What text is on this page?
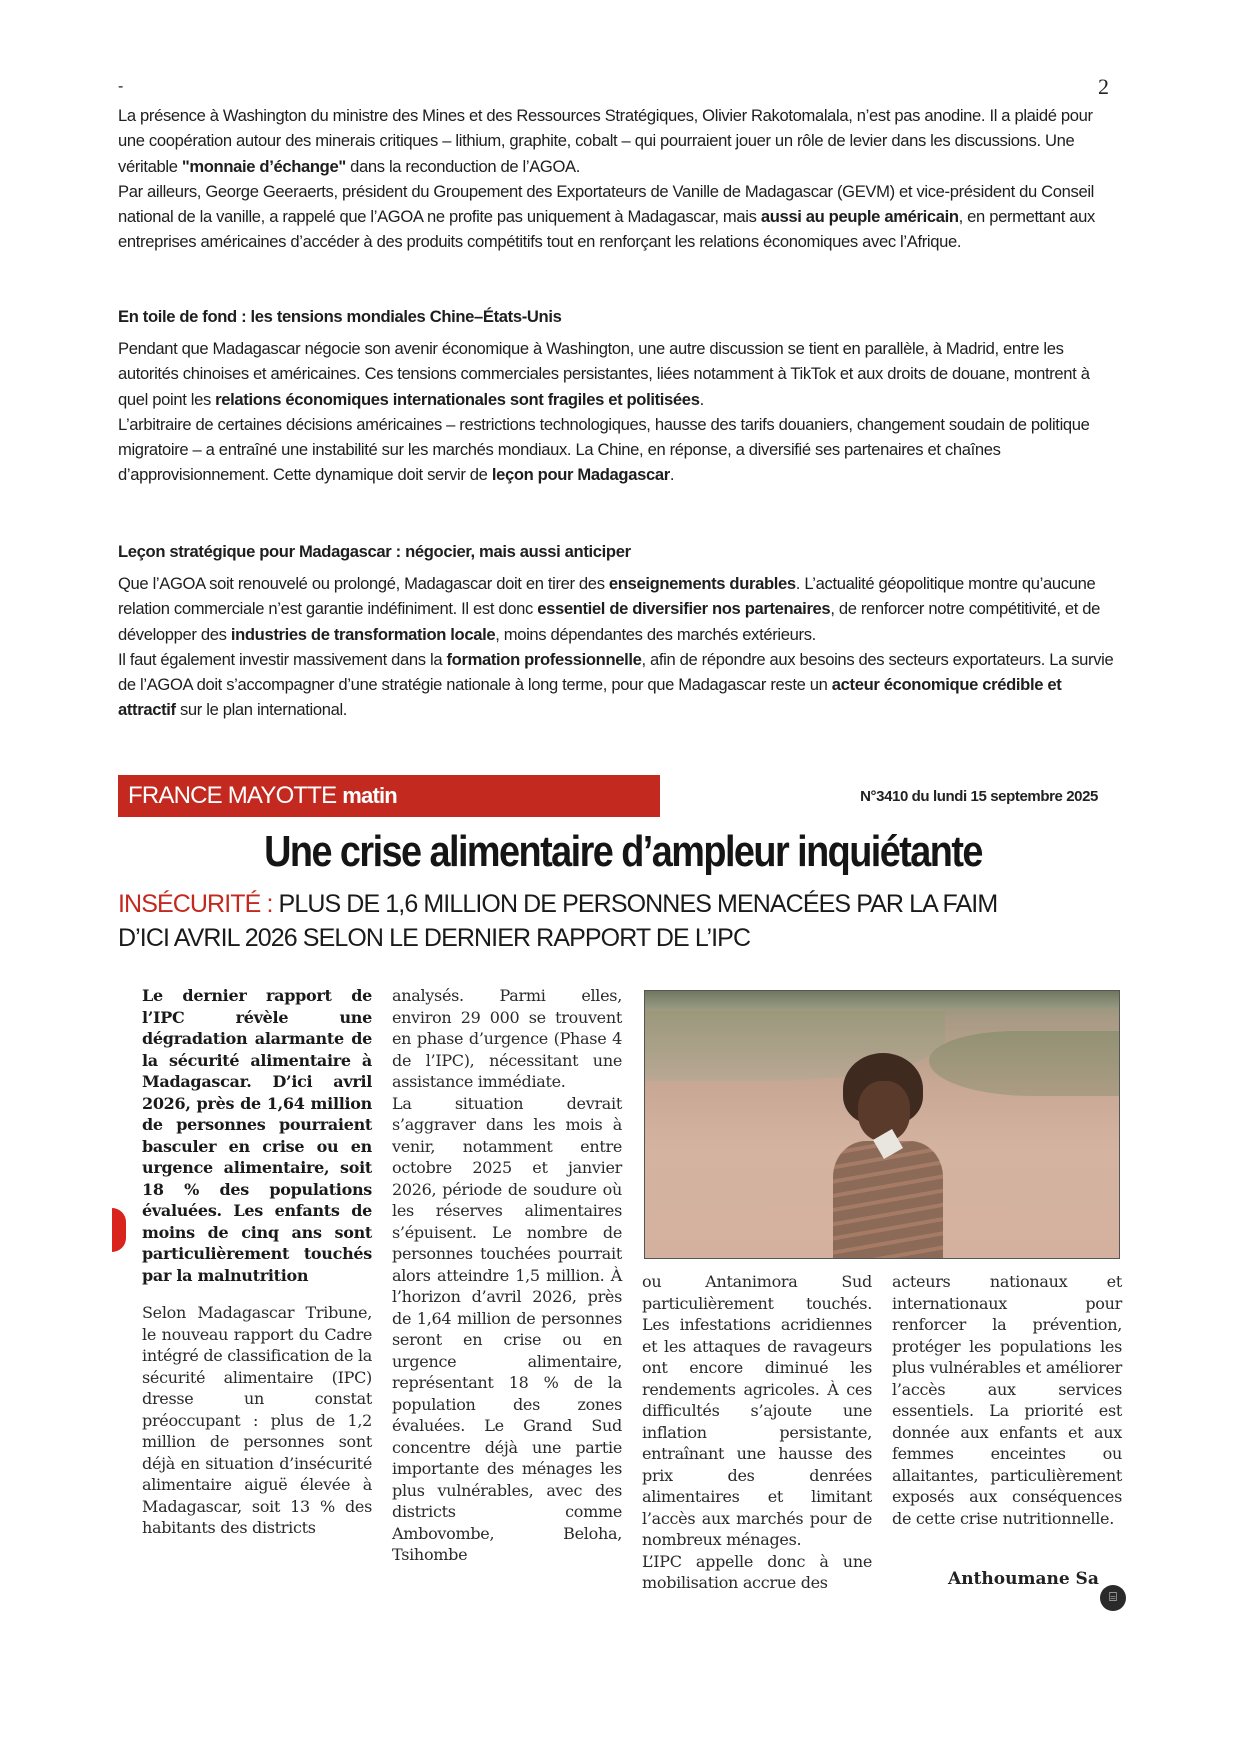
-	2

La présence à Washington du ministre des Mines et des Ressources Stratégiques, Olivier Rakotomalala, n’est pas anodine. Il a plaidé pour une coopération autour des minerais critiques – lithium, graphite, cobalt – qui pourraient jouer un rôle de levier dans les discussions. Une véritable "monnaie d’échange" dans la reconduction de l’AGOA.

Par ailleurs, George Geeraerts, président du Groupement des Exportateurs de Vanille de Madagascar (GEVM) et vice-président du Conseil national de la vanille, a rappelé que l’AGOA ne profite pas uniquement à Madagascar, mais aussi au peuple américain, en permettant aux entreprises américaines d’accéder à des produits compétitifs tout en renforçant les relations économiques avec l’Afrique.

En toile de fond : les tensions mondiales Chine–États-Unis

Pendant que Madagascar négocie son avenir économique à Washington, une autre discussion se tient en parallèle, à Madrid, entre les autorités chinoises et américaines. Ces tensions commerciales persistantes, liées notamment à TikTok et aux droits de douane, montrent à quel point les relations économiques internationales sont fragiles et politisées.

L’arbitraire de certaines décisions américaines – restrictions technologiques, hausse des tarifs douaniers, changement soudain de politique migratoire – a entraîné une instabilité sur les marchés mondiaux. La Chine, en réponse, a diversifié ses partenaires et chaînes d’approvisionnement. Cette dynamique doit servir de leçon pour Madagascar.

Leçon stratégique pour Madagascar : négocier, mais aussi anticiper

Que l’AGOA soit renouvelé ou prolongé, Madagascar doit en tirer des enseignements durables. L’actualité géopolitique montre qu’aucune relation commerciale n’est garantie indéfiniment. Il est donc essentiel de diversifier nos partenaires, de renforcer notre compétitivité, et de développer des industries de transformation locale, moins dépendantes des marchés extérieurs.

Il faut également investir massivement dans la formation professionnelle, afin de répondre aux besoins des secteurs exportateurs. La survie de l’AGOA doit s’accompagner d’une stratégie nationale à long terme, pour que Madagascar reste un acteur économique crédible et attractif sur le plan international.

FRANCE MAYOTTE matin	N°3410 du lundi 15 septembre 2025
Une crise alimentaire d’ampleur inquiétante
INSÉCURITÉ : PLUS DE 1,6 MILLION DE PERSONNES MENACÉES PAR LA FAIM
D’ICI AVRIL 2026 SELON LE DERNIER RAPPORT DE L’IPC

Le dernier rapport de l’IPC révèle une dégradation alarmante de la sécurité alimentaire à Madagascar. D’ici avril 2026, près de 1,64 million de personnes pourraient basculer en crise ou en urgence alimentaire, soit 18 % des populations évaluées. Les enfants de moins de cinq ans sont particulièrement touchés par la malnutrition

Selon Madagascar Tribune, le nouveau rapport du Cadre intégré de classification de la sécurité alimentaire (IPC) dresse un constat préoccupant : plus de 1,2 million de personnes sont déjà en situation d’insécurité alimentaire aiguë élevée à Madagascar, soit 13 % des habitants des districts

analysés. Parmi elles, environ 29 000 se trouvent en phase d’urgence (Phase 4 de l’IPC), nécessitant une assistance immédiate.

La situation devrait s’aggraver dans les mois à venir, notamment entre octobre 2025 et janvier 2026, période de soudure où les réserves alimentaires s’épuisent. Le nombre de personnes touchées pourrait alors atteindre 1,5 million. À l’horizon d’avril 2026, près de 1,64 million de personnes seront en crise ou en urgence alimentaire, représentant 18 % de la population des zones évaluées. Le Grand Sud concentre déjà une partie importante des ménages les plus vulnérables, avec des districts comme Ambovombe, Beloha, Tsihombe

ou Antanimora Sud particulièrement touchés. Les infestations acridiennes et les attaques de ravageurs ont encore diminué les rendements agricoles. À ces difficultés s’ajoute une inflation persistante, entraînant une hausse des prix des denrées alimentaires et limitant l’accès aux marchés pour de nombreux ménages.

L’IPC appelle donc à une mobilisation accrue des

acteurs nationaux et internationaux pour renforcer la prévention, protéger les populations les plus vulnérables et améliorer l’accès aux services essentiels. La priorité est donnée aux enfants et aux femmes enceintes ou allaitantes, particulièrement exposés aux conséquences de cette crise nutritionnelle.

Anthoumane Sa
⌸
